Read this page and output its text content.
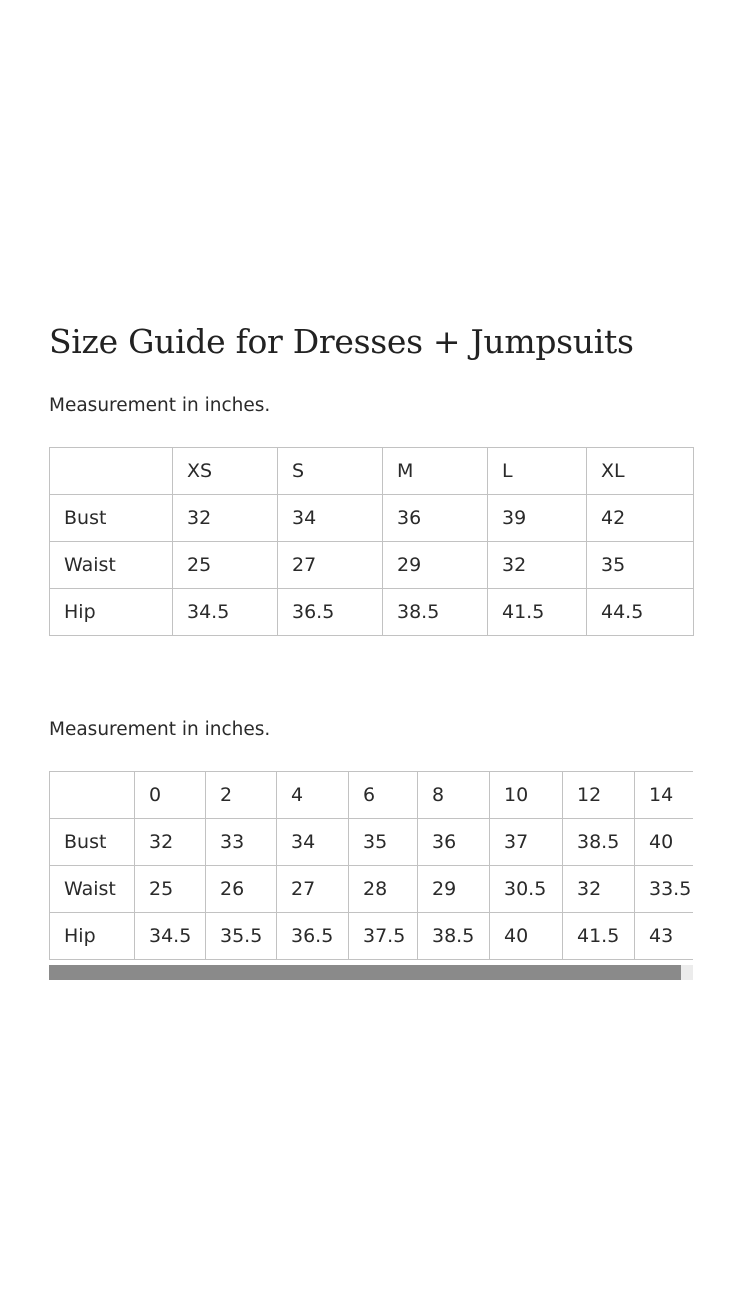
Size Guide for Dresses + Jumpsuits

Measurement in inches.

	XS	S	M	L	XL
Bust	32	34	36	39	42
Waist	25	27	29	32	35
Hip	34.5	36.5	38.5	41.5	44.5

Measurement in inches.

	0	2	4	6	8	10	12	14
Bust	32	33	34	35	36	37	38.5	40
Waist	25	26	27	28	29	30.5	32	33.5
Hip	34.5	35.5	36.5	37.5	38.5	40	41.5	43
